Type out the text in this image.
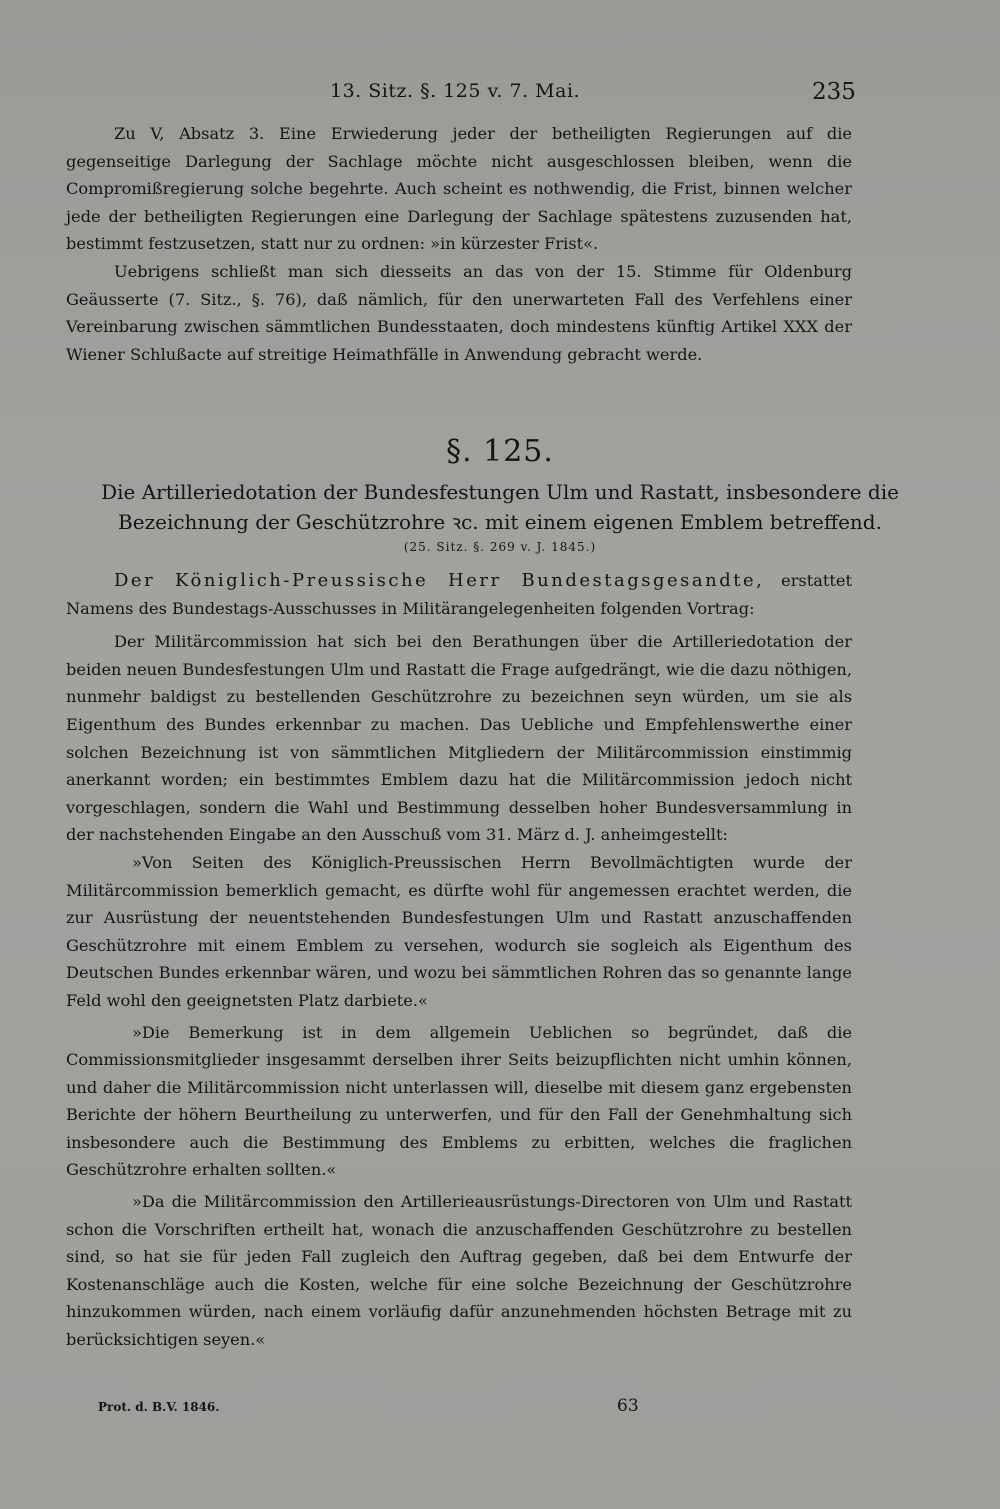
13. Sitz. §. 125 v. 7. Mai.	235

Zu V, Absatz 3. Eine Erwiederung jeder der betheiligten Regierungen auf die gegenseitige Darlegung der Sachlage möchte nicht ausgeschlossen bleiben, wenn die Compromißregierung solche begehrte. Auch scheint es nothwendig, die Frist, binnen welcher jede der betheiligten Regierungen eine Darlegung der Sachlage spätestens zuzusenden hat, bestimmt festzusetzen, statt nur zu ordnen: »in kürzester Frist«.

Uebrigens schließt man sich diesseits an das von der 15. Stimme für Oldenburg Geäusserte (7. Sitz., §. 76), daß nämlich, für den unerwarteten Fall des Verfehlens einer Vereinbarung zwischen sämmtlichen Bundesstaaten, doch mindestens künftig Artikel XXX der Wiener Schlußacte auf streitige Heimathfälle in Anwendung gebracht werde.

§. 125.
Die Artilleriedotation der Bundesfestungen Ulm und Rastatt, insbesondere die Bezeichnung der Geschützrohre ꝛc. mit einem eigenen Emblem betreffend.
(25. Sitz. §. 269 v. J. 1845.)

Der Königlich-Preussische Herr Bundestagsgesandte, erstattet Namens des Bundestags-Ausschusses in Militärangelegenheiten folgenden Vortrag:

Der Militärcommission hat sich bei den Berathungen über die Artilleriedotation der beiden neuen Bundesfestungen Ulm und Rastatt die Frage aufgedrängt, wie die dazu nöthigen, nunmehr baldigst zu bestellenden Geschützrohre zu bezeichnen seyn würden, um sie als Eigenthum des Bundes erkennbar zu machen. Das Uebliche und Empfehlenswerthe einer solchen Bezeichnung ist von sämmtlichen Mitgliedern der Militärcommission einstimmig anerkannt worden; ein bestimmtes Emblem dazu hat die Militärcommission jedoch nicht vorgeschlagen, sondern die Wahl und Bestimmung desselben hoher Bundesversammlung in der nachstehenden Eingabe an den Ausschuß vom 31. März d. J. anheimgestellt:

»Von Seiten des Königlich-Preussischen Herrn Bevollmächtigten wurde der Militärcommission bemerklich gemacht, es dürfte wohl für angemessen erachtet werden, die zur Ausrüstung der neuentstehenden Bundesfestungen Ulm und Rastatt anzuschaffenden Geschützrohre mit einem Emblem zu versehen, wodurch sie sogleich als Eigenthum des Deutschen Bundes erkennbar wären, und wozu bei sämmtlichen Rohren das so genannte lange Feld wohl den geeignetsten Platz darbiete.«

»Die Bemerkung ist in dem allgemein Ueblichen so begründet, daß die Commissionsmitglieder insgesammt derselben ihrer Seits beizupflichten nicht umhin können, und daher die Militärcommission nicht unterlassen will, dieselbe mit diesem ganz ergebensten Berichte der höhern Beurtheilung zu unterwerfen, und für den Fall der Genehmhaltung sich insbesondere auch die Bestimmung des Emblems zu erbitten, welches die fraglichen Geschützrohre erhalten sollten.«

»Da die Militärcommission den Artillerieausrüstungs-Directoren von Ulm und Rastatt schon die Vorschriften ertheilt hat, wonach die anzuschaffenden Geschützrohre zu bestellen sind, so hat sie für jeden Fall zugleich den Auftrag gegeben, daß bei dem Entwurfe der Kostenanschläge auch die Kosten, welche für eine solche Bezeichnung der Geschützrohre hinzukommen würden, nach einem vorläufig dafür anzunehmenden höchsten Betrage mit zu berücksichtigen seyen.«

Prot. d. B.V. 1846.	63
